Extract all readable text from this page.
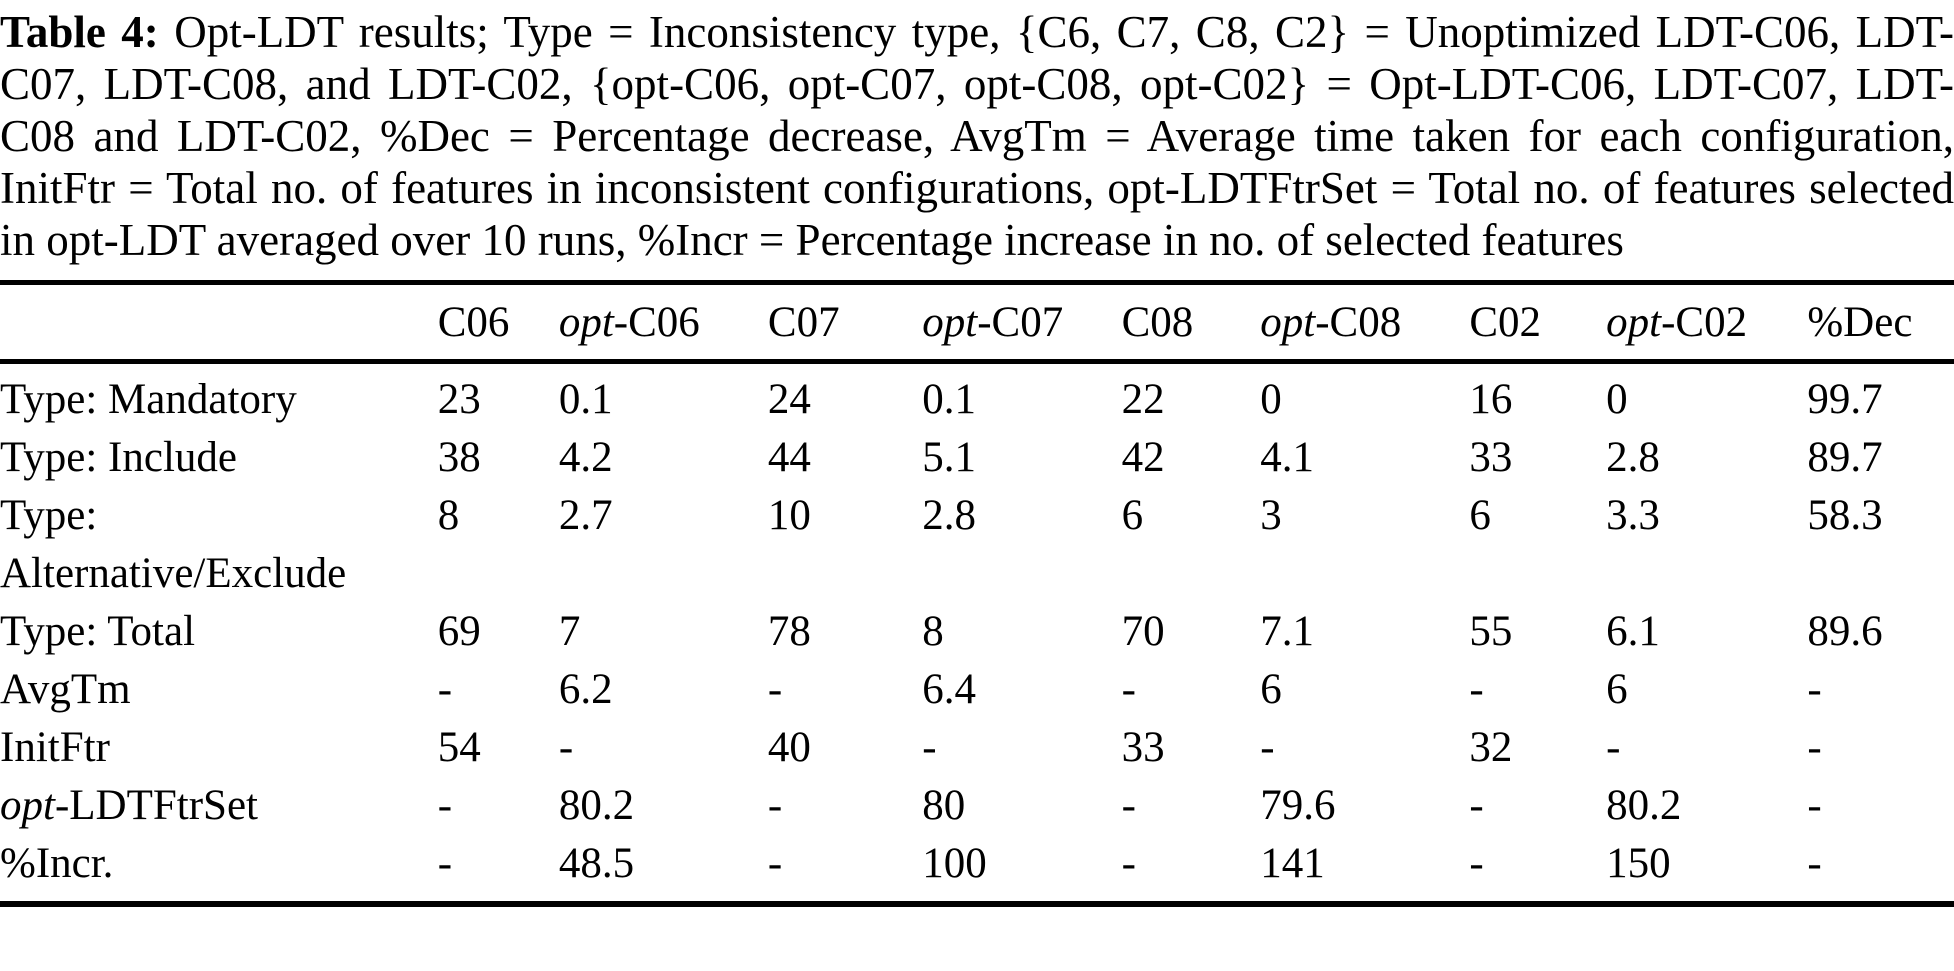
Table 4: Opt-LDT results; Type = Inconsistency type, {C6, C7, C8, C2} = Unoptimized LDT-C06, LDT-C07, LDT-C08, and LDT-C02, {opt-C06, opt-C07, opt-C08, opt-C02} = Opt-LDT-C06, LDT-C07, LDT-C08 and LDT-C02, %Dec = Percentage decrease, AvgTm = Average time taken for each configuration, InitFtr = Total no. of features in inconsistent configurations, opt-LDTFtrSet = Total no. of features selected in opt-LDT averaged over 10 runs, %Incr = Percentage increase in no. of selected features
	C06	opt-C06	C07	opt-C07	C08	opt-C08	C02	opt-C02	%Dec
Type: Mandatory	23	0.1	24	0.1	22	0	16	0	99.7
Type: Include	38	4.2	44	5.1	42	4.1	33	2.8	89.7
Type: Alternative/Exclude	8	2.7	10	2.8	6	3	6	3.3	58.3
Type: Total	69	7	78	8	70	7.1	55	6.1	89.6
AvgTm	-	6.2	-	6.4	-	6	-	6	-
InitFtr	54	-	40	-	33	-	32	-	-
opt-LDTFtrSet	-	80.2	-	80	-	79.6	-	80.2	-
%Incr.	-	48.5	-	100	-	141	-	150	-
